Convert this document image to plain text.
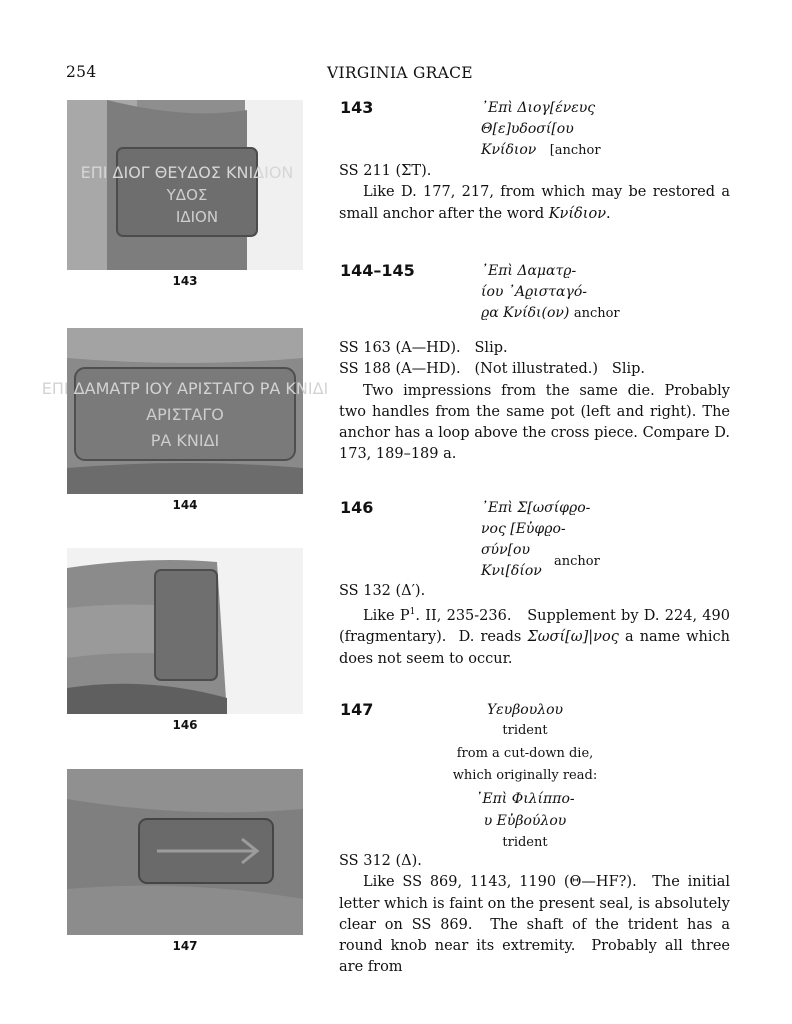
254	VIRGINIA GRACE
ΕΠΙ ΔΙΟΓ ΘΕΥΔΟΣ ΚΝΙΔΙΟΝ
ΥΔΟΣ
ΙΔΙΟΝ
143
ΕΠΙ ΔΑΜΑΤΡ ΙΟΥ ΑΡΙΣΤΑΓΟ ΡΑ ΚΝΙΔΙ
ΑΡΙΣΤΑΓΟ
ΡΑ ΚΝΙΔΙ
144
146
147
143	᾿Επὶ Διογ[ένευς
Θ[ε]υδοσί[ου
Κνίδιον [anchor

SS 211 (ΣΤ).

Like D. 177, 217, from which may be restored a small anchor after the word Κνίδιον.

144–145	᾿Επὶ Δαματϱ-
ίου ᾿Αϱισταγό-
ϱα Κνίδι(ον) anchor

SS 163 (A—HD).   Slip.

SS 188 (A—HD).   (Not illustrated.)   Slip.

Two impressions from the same die. Probably two handles from the same pot (left and right). The anchor has a loop above the cross piece. Compare D. 173, 189–189 a.

146	᾿Επὶ Σ[ωσίφϱο-
νος [Εὐφϱο-
σύν[ου
Κνι[δίον
anchor

SS 132 (Δ′).

Like $P^1$. II, 235-236.   Supplement by D. 224, 490 (fragmentary).  D. reads Σωσί[ω]|νος a name which does not seem to occur.

147	Υευβουλου
trident
from a cut-down die,
which originally read:
᾿Επὶ Φιλίππο-
υ Εὐβούλου
trident

SS 312 (Δ).

Like SS 869, 1143, 1190 (Θ—HF?).  The initial letter which is faint on the present seal, is absolutely clear on SS 869.  The shaft of the trident has a round knob near its extremity.  Probably all three are from
